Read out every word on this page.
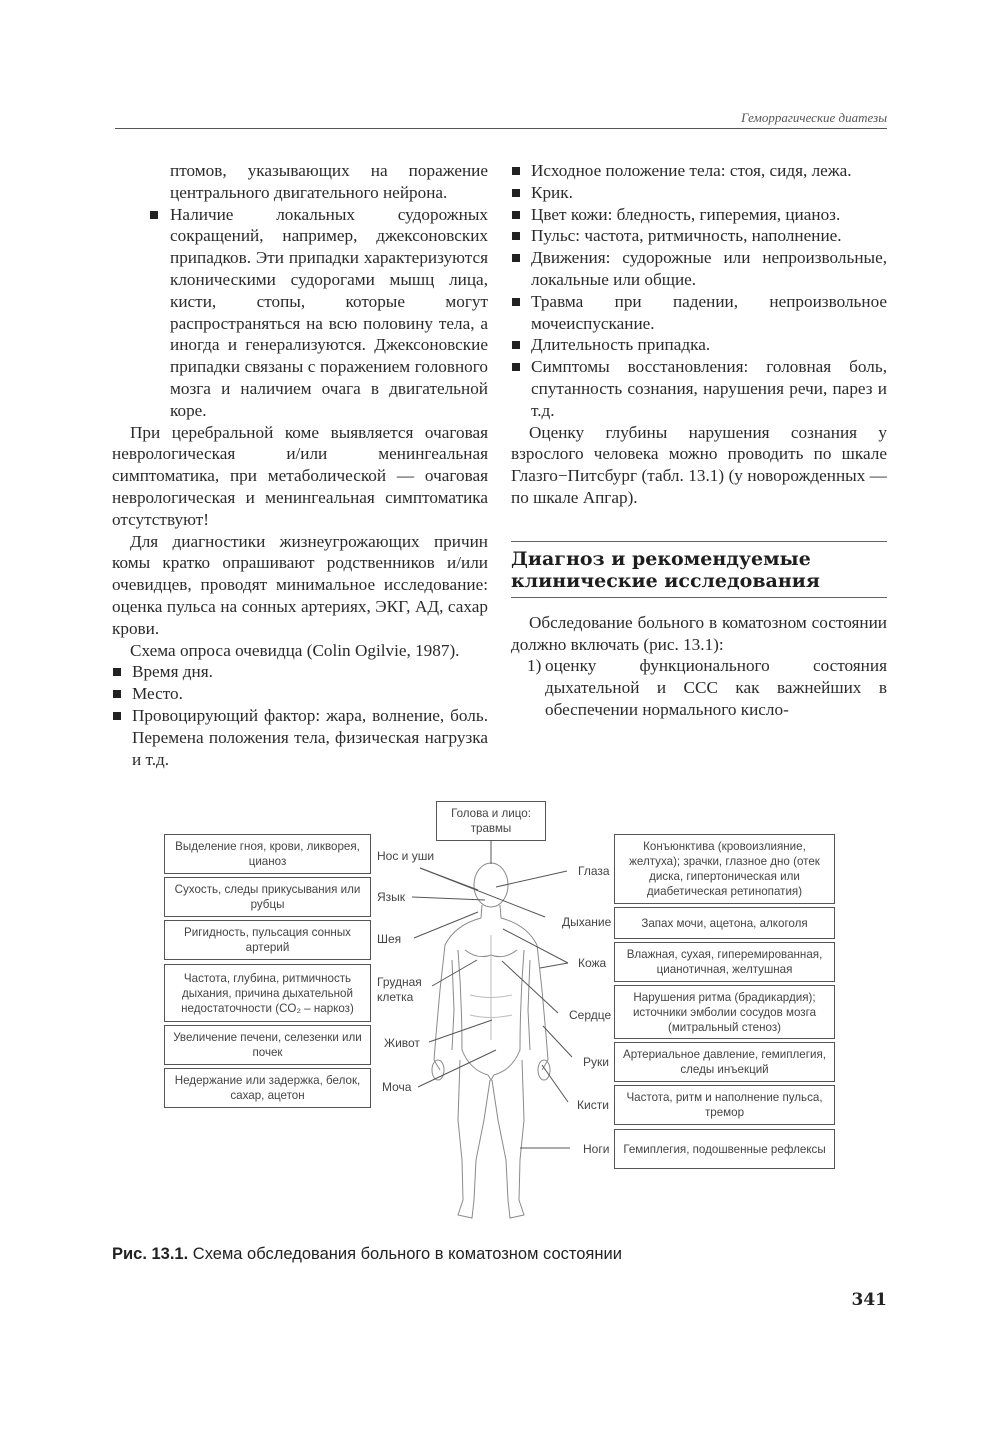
Геморрагические диатезы

птомов, указывающих на поражение центрального двигательного нейрона.

Наличие локальных судорожных сокращений, например, джексоновских припадков. Эти припадки характеризуются клоническими судорогами мышц лица, кисти, стопы, которые могут распространяться на всю половину тела, а иногда и генерализуются. Джексоновские припадки связаны с поражением головного мозга и наличием очага в двигательной коре.

При церебральной коме выявляется очаговая неврологическая и/или менингеальная симптоматика, при метаболической — очаговая неврологическая и менингеальная симптоматика отсутствуют!

Для диагностики жизнеугрожающих причин комы кратко опрашивают родственников и/или очевидцев, проводят минимальное исследование: оценка пульса на сонных артериях, ЭКГ, АД, сахар крови.

Схема опроса очевидца (Colin Ogilvie, 1987).

Время дня.

Место.

Провоцирующий фактор: жара, волнение, боль. Перемена положения тела, физическая нагрузка и т.д.

Исходное положение тела: стоя, сидя, лежа.

Крик.

Цвет кожи: бледность, гиперемия, цианоз.

Пульс: частота, ритмичность, наполнение.

Движения: судорожные или непроизвольные, локальные или общие.

Травма при падении, непроизвольное мочеиспускание.

Длительность припадка.

Симптомы восстановления: головная боль, спутанность сознания, нарушения речи, парез и т.д.

Оценку глубины нарушения сознания у взрослого человека можно проводить по шкале Глазго−Питсбург (табл. 13.1) (у новорожденных — по шкале Апгар).

Диагноз и рекомендуемые клинические исследования

Обследование больного в коматозном состоянии должно включать (рис. 13.1):

1) оценку функционального состояния дыхательной и ССС как важнейших в обеспечении нормального кисло-

Голова и лицо: травмы
Выделение гноя, крови, ликворея, цианоз
Сухость, следы прикусывания или рубцы
Ригидность, пульсация сонных артерий
Частота, глубина, ритмичность дыхания, причина дыхательной недостаточности (CO₂ – наркоз)
Увеличение печени, селезенки или почек
Недержание или задержка, белок, сахар, ацетон
Нос и уши
Язык
Шея
Грудная клетка
Живот
Моча
Конъюнктива (кровоизлияние, желтуха); зрачки, глазное дно (отек диска, гипертоническая или диабетическая ретинопатия)
Запах мочи, ацетона, алкоголя
Влажная, сухая, гиперемированная, цианотичная, желтушная
Нарушения ритма (брадикардия); источники эмболии сосудов мозга (митральный стеноз)
Артериальное давление, гемиплегия, следы инъекций
Частота, ритм и наполнение пульса, тремор
Гемиплегия, подошвенные рефлексы
Глаза
Дыхание
Кожа
Сердце
Руки
Кисти
Ноги
Рис. 13.1. Схема обследования больного в коматозном состоянии
341
